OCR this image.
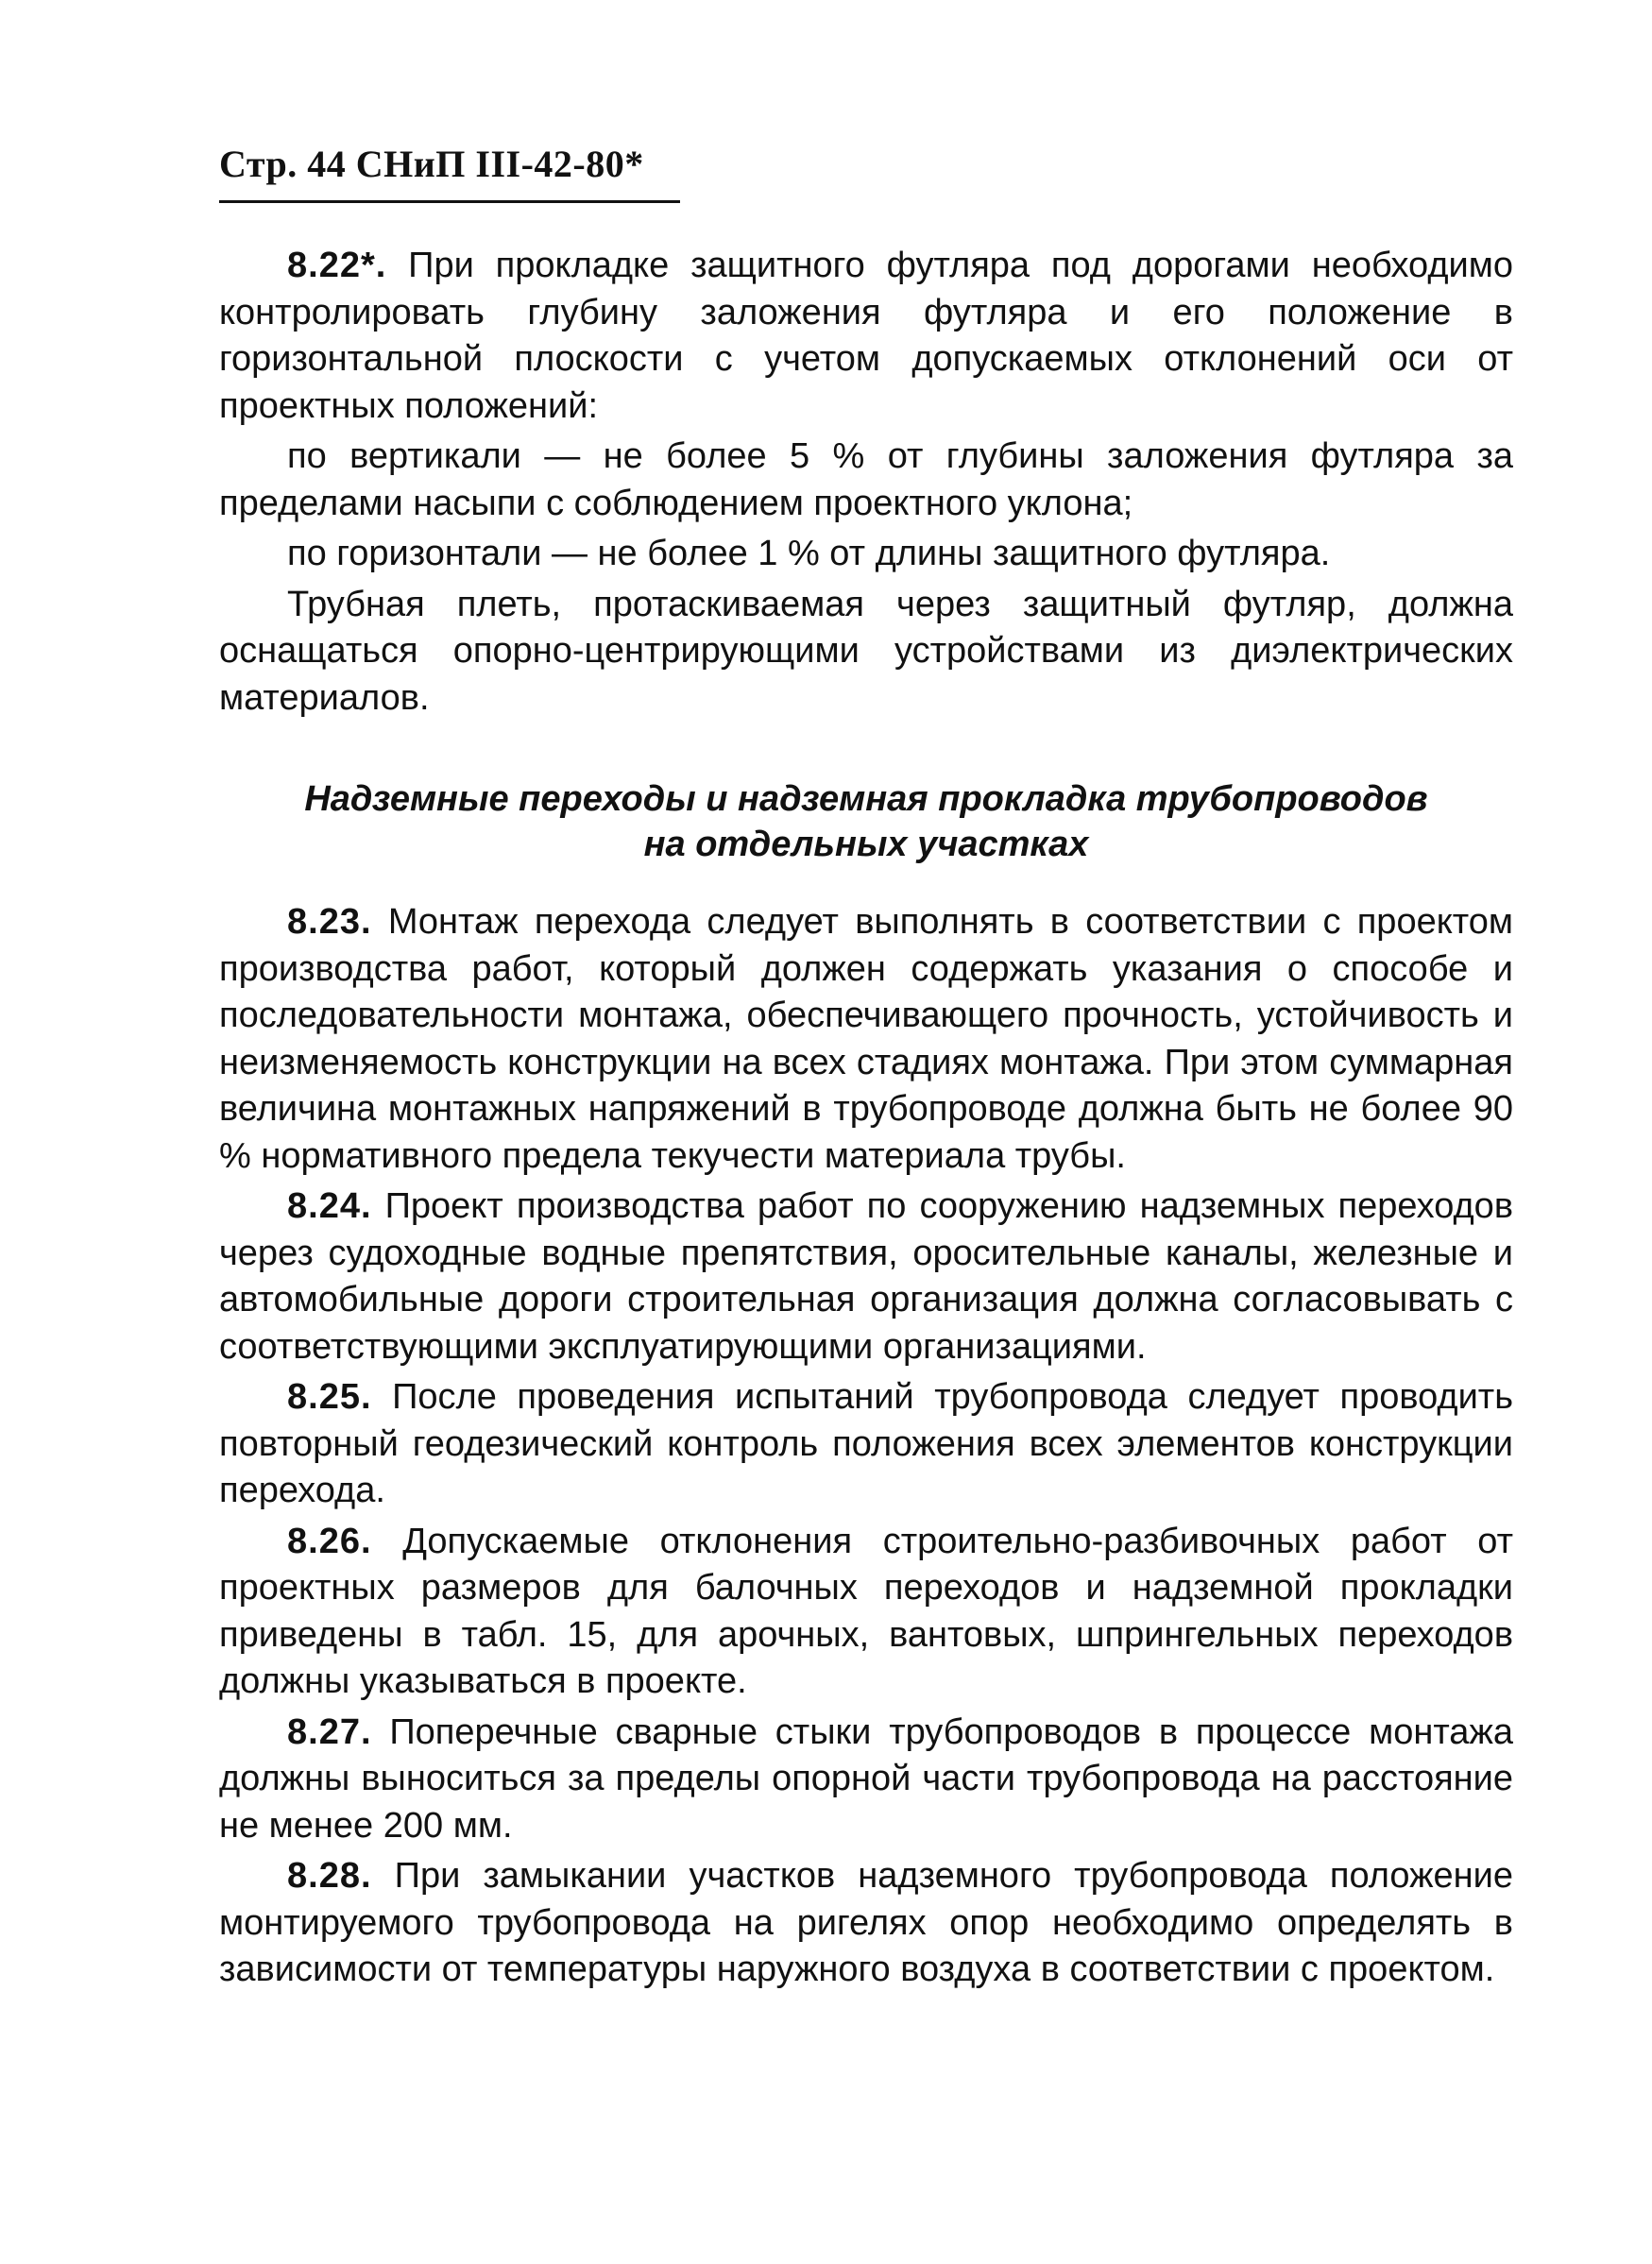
Стр. 44 СНиП III-42-80*

8.22*. При прокладке защитного футляра под дорогами необходимо контролировать глубину заложения футляра и его положение в горизонтальной плоскости с учетом допускаемых отклонений оси от проектных положений:

по вертикали — не более 5 % от глубины заложения футляра за пределами насыпи с соблюдением проектного уклона;

по горизонтали — не более 1 % от длины защитного футляра.

Трубная плеть, протаскиваемая через защитный футляр, должна оснащаться опорно-центрирующими устройствами из диэлектрических материалов.

Надземные переходы и надземная прокладка трубопроводов
на отдельных участках

8.23. Монтаж перехода следует выполнять в соответствии с проектом производства работ, который должен содержать указания о способе и последовательности монтажа, обеспечивающего прочность, устойчивость и неизменяемость конструкции на всех стадиях монтажа. При этом суммарная величина монтажных напряжений в трубопроводе должна быть не более 90 % нормативного предела текучести материала трубы.

8.24. Проект производства работ по сооружению надземных переходов через судоходные водные препятствия, оросительные каналы, железные и автомобильные дороги строительная организация должна согласовывать с соответствующими эксплуатирующими организациями.

8.25. После проведения испытаний трубопровода следует проводить повторный геодезический контроль положения всех элементов конструкции перехода.

8.26. Допускаемые отклонения строительно-разбивочных работ от проектных размеров для балочных переходов и надземной прокладки приведены в табл. 15, для арочных, вантовых, шпрингельных переходов должны указываться в проекте.

8.27. Поперечные сварные стыки трубопроводов в процессе монтажа должны выноситься за пределы опорной части трубопровода на расстояние не менее 200 мм.

8.28. При замыкании участков надземного трубопровода положение монтируемого трубопровода на ригелях опор необходимо определять в зависимости от температуры наружного воздуха в соответствии с проектом.
